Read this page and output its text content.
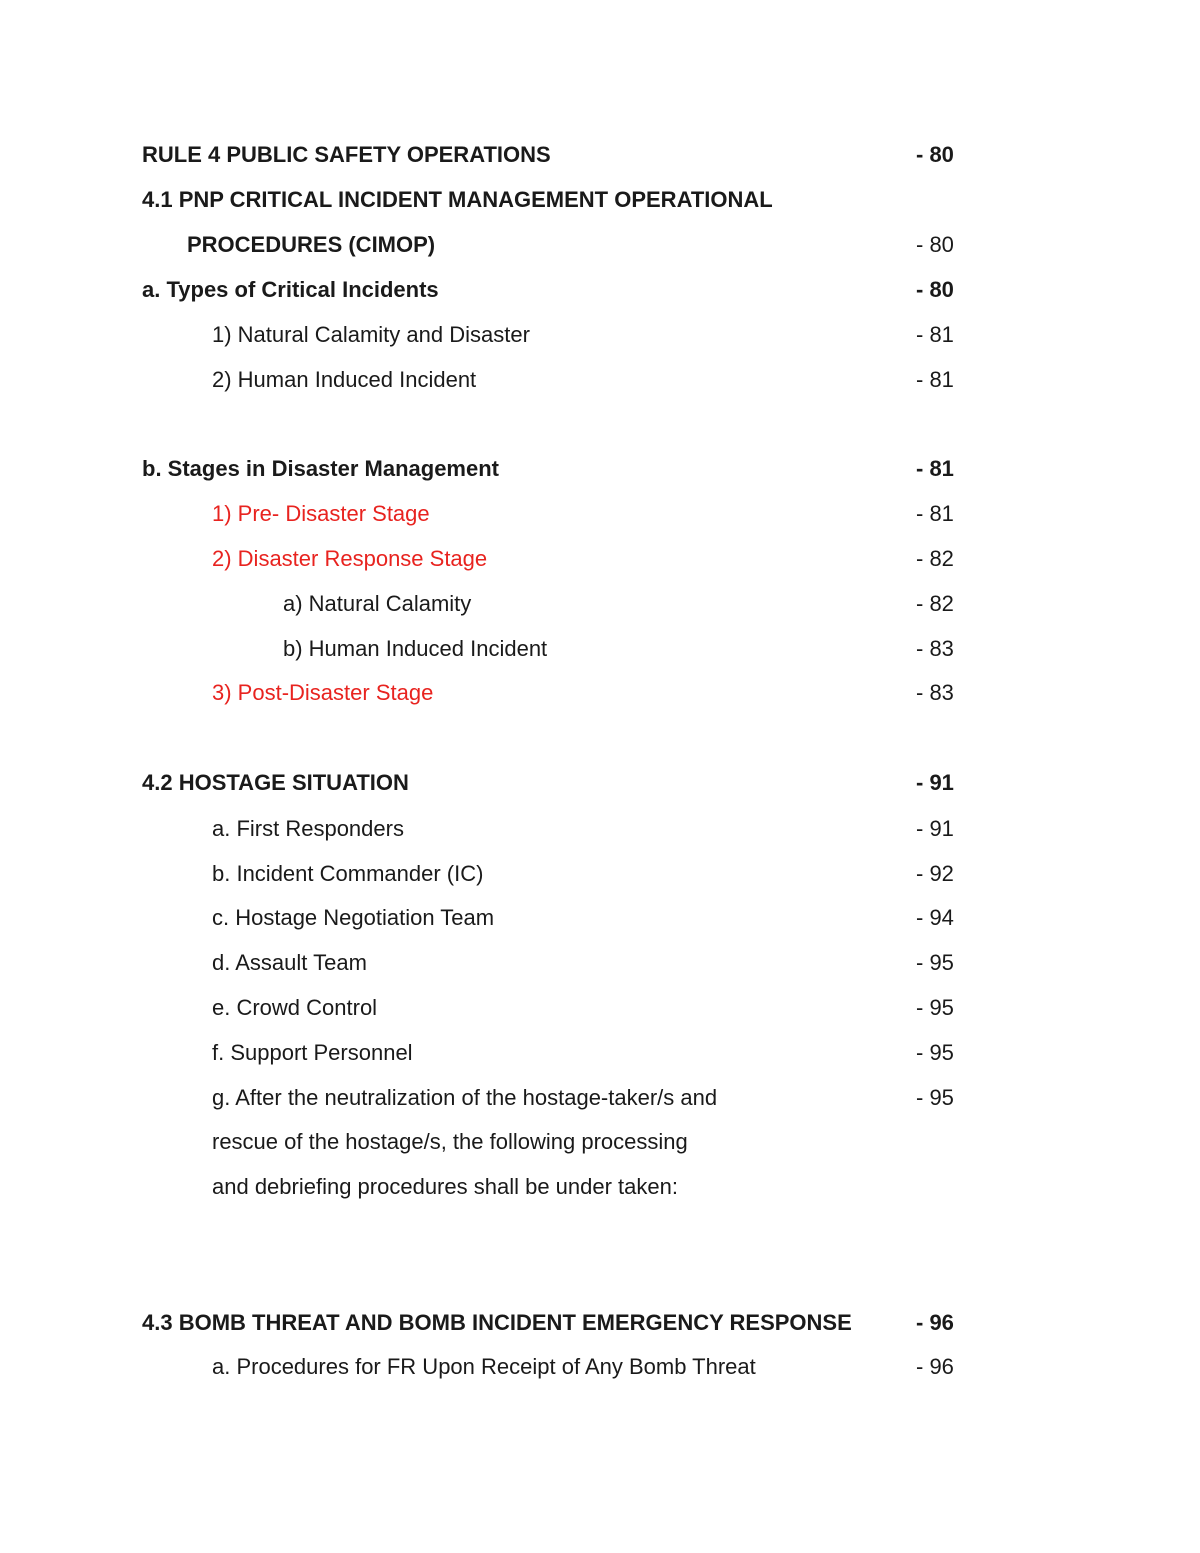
RULE 4 PUBLIC SAFETY OPERATIONS	- 80
4.1 PNP CRITICAL INCIDENT MANAGEMENT OPERATIONAL
PROCEDURES (CIMOP)	- 80
a. Types of Critical Incidents	- 80
1) Natural Calamity and Disaster	- 81
2) Human Induced Incident	- 81
b. Stages in Disaster Management	- 81
1) Pre- Disaster Stage	- 81
2) Disaster Response Stage	- 82
a) Natural Calamity	- 82
b) Human Induced Incident	- 83
3) Post-Disaster Stage	- 83
4.2 HOSTAGE SITUATION	- 91
a. First Responders	- 91
b. Incident Commander (IC)	- 92
c. Hostage Negotiation Team	- 94
d. Assault Team	- 95
e. Crowd Control	- 95
f. Support Personnel	- 95
g. After the neutralization of the hostage-taker/s and	- 95
rescue of the hostage/s, the following processing
and debriefing procedures shall be under taken:
4.3 BOMB THREAT AND BOMB INCIDENT EMERGENCY RESPONSE	- 96
a. Procedures for FR Upon Receipt of Any Bomb Threat	- 96
